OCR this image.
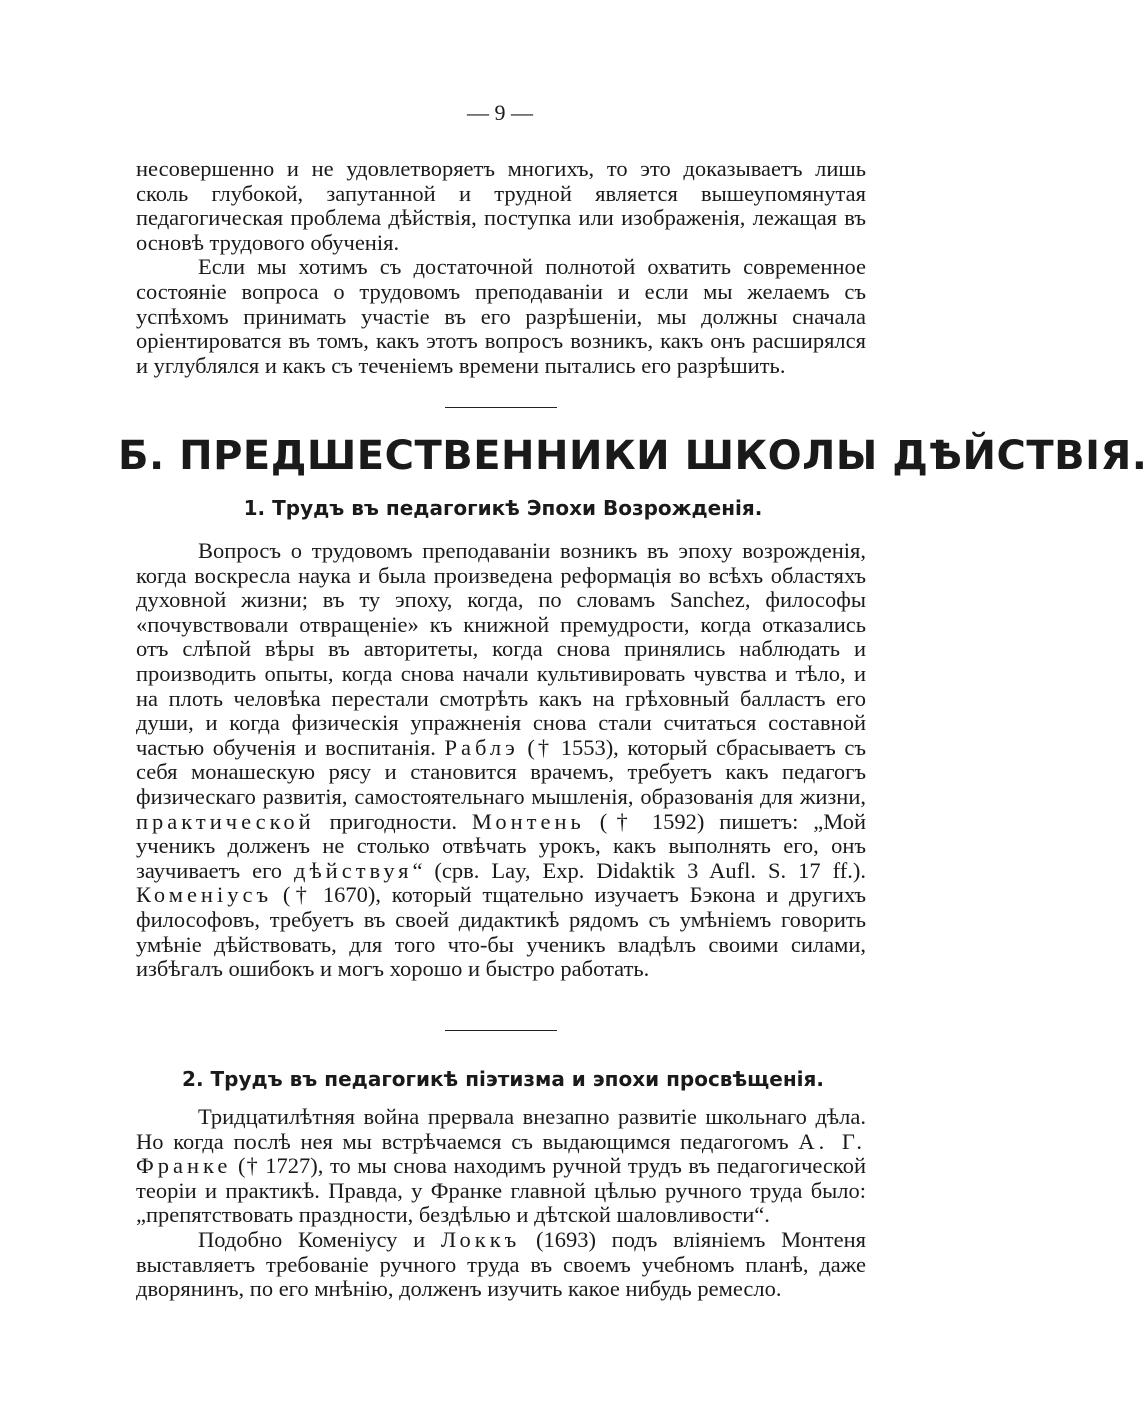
— 9 —

несовершенно и не удовлетворяетъ многихъ, то это доказываетъ лишь сколь глубокой, запутанной и трудной является вышеупомянутая педагогическая проблема дѣйствія, поступка или изображенія, лежащая въ основѣ трудового обученія.

Если мы хотимъ съ достаточной полнотой охватить современное состояніе вопроса о трудовомъ преподаваніи и если мы желаемъ съ успѣхомъ принимать участіе въ его разрѣшеніи, мы должны сначала оріентироватся въ томъ, какъ этотъ вопросъ возникъ, какъ онъ расширялся и углублялся и какъ съ теченіемъ времени пытались его разрѣшить.

Б. ПРЕДШЕСТВЕННИКИ ШКОЛЫ ДѢЙСТВІЯ.
1. Трудъ въ педагогикѣ Эпохи Возрожденія.

Вопросъ о трудовомъ преподаваніи возникъ въ эпоху возрожденія, когда воскресла наука и была произведена реформація во всѣхъ областяхъ духовной жизни; въ ту эпоху, когда, по словамъ Sanchez, философы «почувствовали отвращеніе» къ книжной премудрости, когда отказались отъ слѣпой вѣры въ авторитеты, когда снова принялись наблюдать и производить опыты, когда снова начали культивировать чувства и тѣло, и на плоть человѣка перестали смотрѣть какъ на грѣховный балластъ его души, и когда физическія упражненія снова стали считаться составной частью обученія и воспитанія. Раблэ († 1553), который сбрасываетъ съ себя монашескую рясу и становится врачемъ, требуетъ какъ педагогъ физическаго развитія, самостоятельнаго мышленія, образованія для жизни, практической пригодности. Монтень († 1592) пишетъ: „Мой ученикъ долженъ не столько отвѣчать урокъ, какъ выполнять его, онъ заучиваетъ его дѣйствуя“ (срв. Lay, Exp. Didaktik 3 Aufl. S. 17 ff.). Коменіусъ († 1670), который тщательно изучаетъ Бэкона и другихъ философовъ, требуетъ въ своей дидактикѣ рядомъ съ умѣніемъ говорить умѣніе дѣйствовать, для того что-бы ученикъ владѣлъ своими силами, избѣгалъ ошибокъ и могъ хорошо и быстро работать.

2. Трудъ въ педагогикѣ піэтизма и эпохи просвѣщенія.

Тридцатилѣтняя война прервала внезапно развитіе школьнаго дѣла. Но когда послѣ нея мы встрѣчаемся съ выдающимся педагогомъ А. Г. Франке († 1727), то мы снова находимъ ручной трудъ въ педагогической теоріи и практикѣ. Правда, у Франке главной цѣлью ручного труда было: „препятствовать праздности, бездѣлью и дѣтской шаловливости“.

Подобно Коменіусу и Локкъ (1693) подъ вліяніемъ Монтеня выставляетъ требованіе ручного труда въ своемъ учебномъ планѣ, даже дворянинъ, по его мнѣнію, долженъ изучить какое нибудь ремесло.
